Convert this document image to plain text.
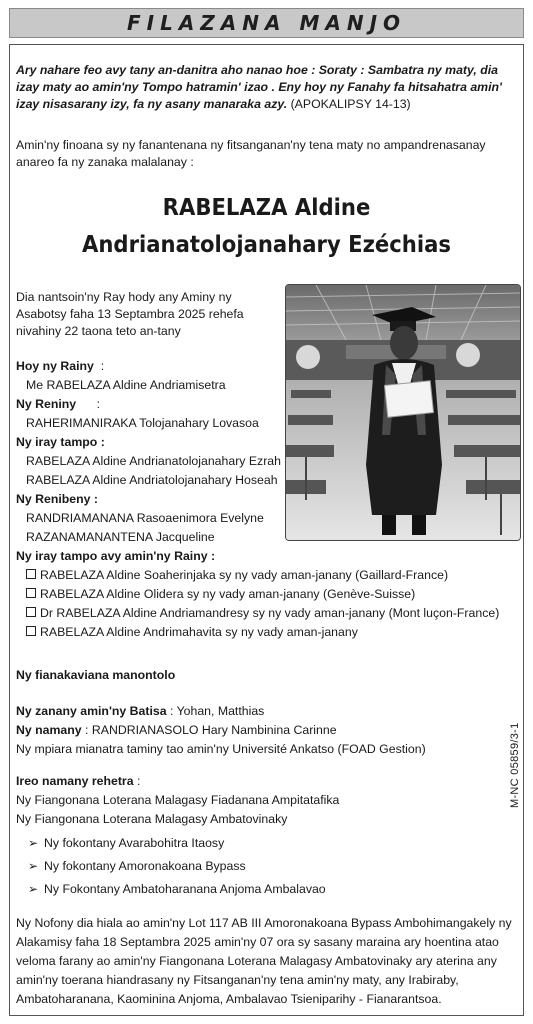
FILAZANA MANJO
Ary nahare feo avy tany an-danitra aho nanao hoe : Soraty : Sambatra ny maty, dia izay maty ao amin'ny Tompo hatramin' izao . Eny hoy ny Fanahy fa hitsahatra amin' izay nisasarany izy, fa ny asany manaraka azy. (APOKALIPSY 14-13)
Amin'ny finoana sy ny fanantenana ny fitsanganan'ny tena maty no ampandrenasanay anareo fa ny zanaka malalanay :
RABELAZA Aldine
Andrianatolojanahary Ezéchias
Dia nantsoin'ny Ray hody any Aminy ny Asabotsy faha 13 Septambra 2025 rehefa nivahiny 22 taona teto an-tany
Hoy ny Rainy :
Me RABELAZA Aldine Andriamisetra
Ny Reniny :
RAHERIMANIRAKA Tolojanahary Lovasoa
Ny iray tampo :
RABELAZA Aldine Andrianatolojanahary Ezrah
RABELAZA Aldine Andriatolojanahary Hoseah
Ny Renibeny :
RANDRIAMANANA Rasoaenimora Evelyne
RAZANAMANANTENA Jacqueline
Ny iray tampo avy amin'ny Rainy :
RABELAZA Aldine Soaherinjaka sy ny vady aman-janany (Gaillard-France)
RABELAZA Aldine Olidera sy ny vady aman-janany (Genève-Suisse)
Dr RABELAZA Aldine Andriamandresy sy ny vady aman-janany (Mont luçon-France)
RABELAZA Aldine Andrimahavita sy ny vady aman-janany
Ny fianakaviana manontolo
Ny zanany amin'ny Batisa : Yohan, Matthias
Ny namany : RANDRIANASOLO Hary Nambinina Carinne
Ny mpiara mianatra taminy tao amin'ny Université Ankatso (FOAD Gestion)
Ireo namany rehetra :
Ny Fiangonana Loterana Malagasy Fiadanana Ampitatafika
Ny Fiangonana Loterana Malagasy Ambatovinaky
➢ Ny fokontany Avarabohitra Itaosy
➢ Ny fokontany Amoronakoana Bypass
➢ Ny Fokontany Ambatoharanana Anjoma Ambalavao
M-NC 05859/3-1
Ny Nofony dia hiala ao amin'ny Lot 117 AB III Amoronakoana Bypass Ambohimangakely ny Alakamisy faha 18 Septambra 2025 amin'ny 07 ora sy sasany maraina ary hoentina atao veloma farany ao amin'ny Fiangonana Loterana Malagasy Ambatovinaky ary aterina any amin'ny toerana hiandrasany ny Fitsanganan'ny tena amin'ny maty, any Irabiraby, Ambatoharanana, Kaominina Anjoma, Ambalavao Tsieniparihy - Fianarantsoa.
